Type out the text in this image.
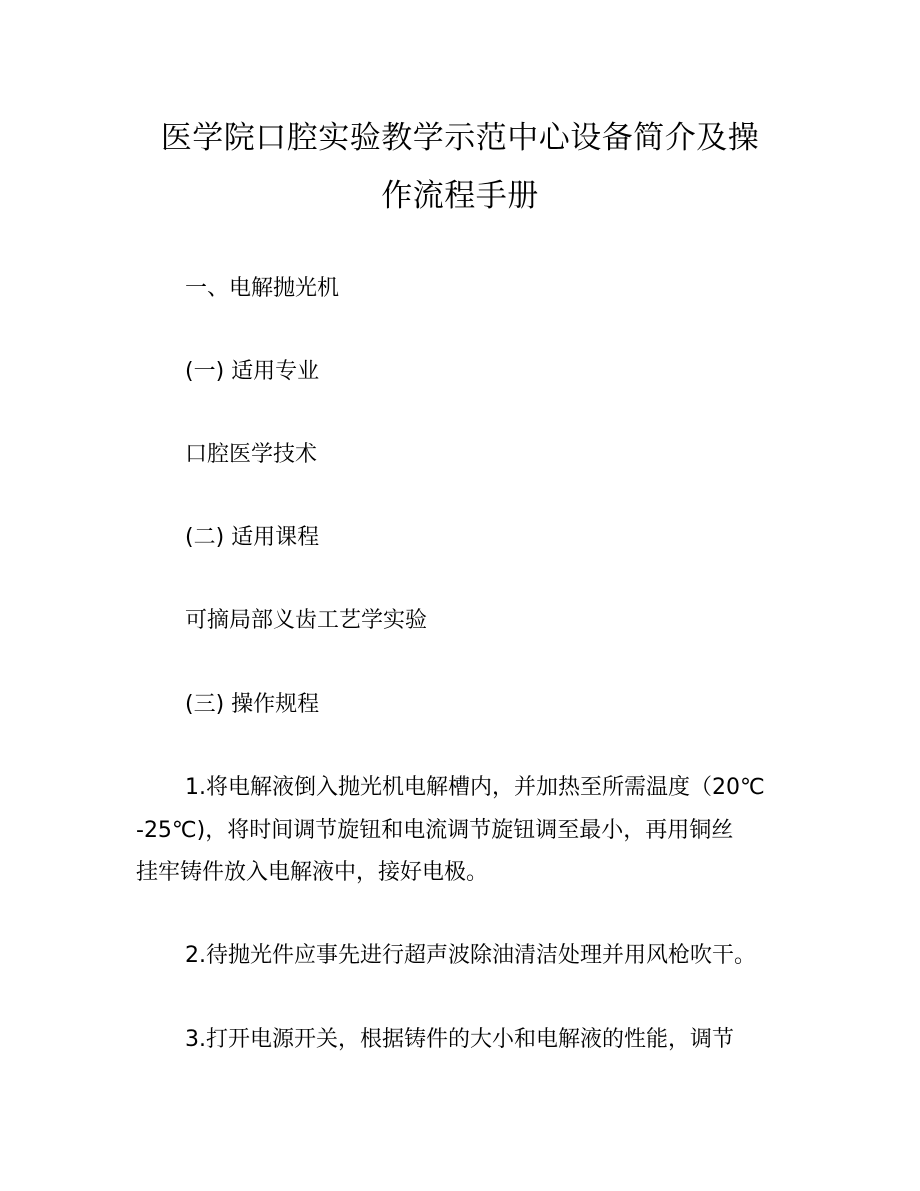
医学院口腔实验教学示范中心设备简介及操
作流程手册
一、电解抛光机
(一) 适用专业
口腔医学技术
(二) 适用课程
可摘局部义齿工艺学实验
(三) 操作规程
1.将电解液倒入抛光机电解槽内，并加热至所需温度（20℃
-25℃)，将时间调节旋钮和电流调节旋钮调至最小，再用铜丝
挂牢铸件放入电解液中，接好电极。
2.待抛光件应事先进行超声波除油清洁处理并用风枪吹干。
3.打开电源开关，根据铸件的大小和电解液的性能，调节
